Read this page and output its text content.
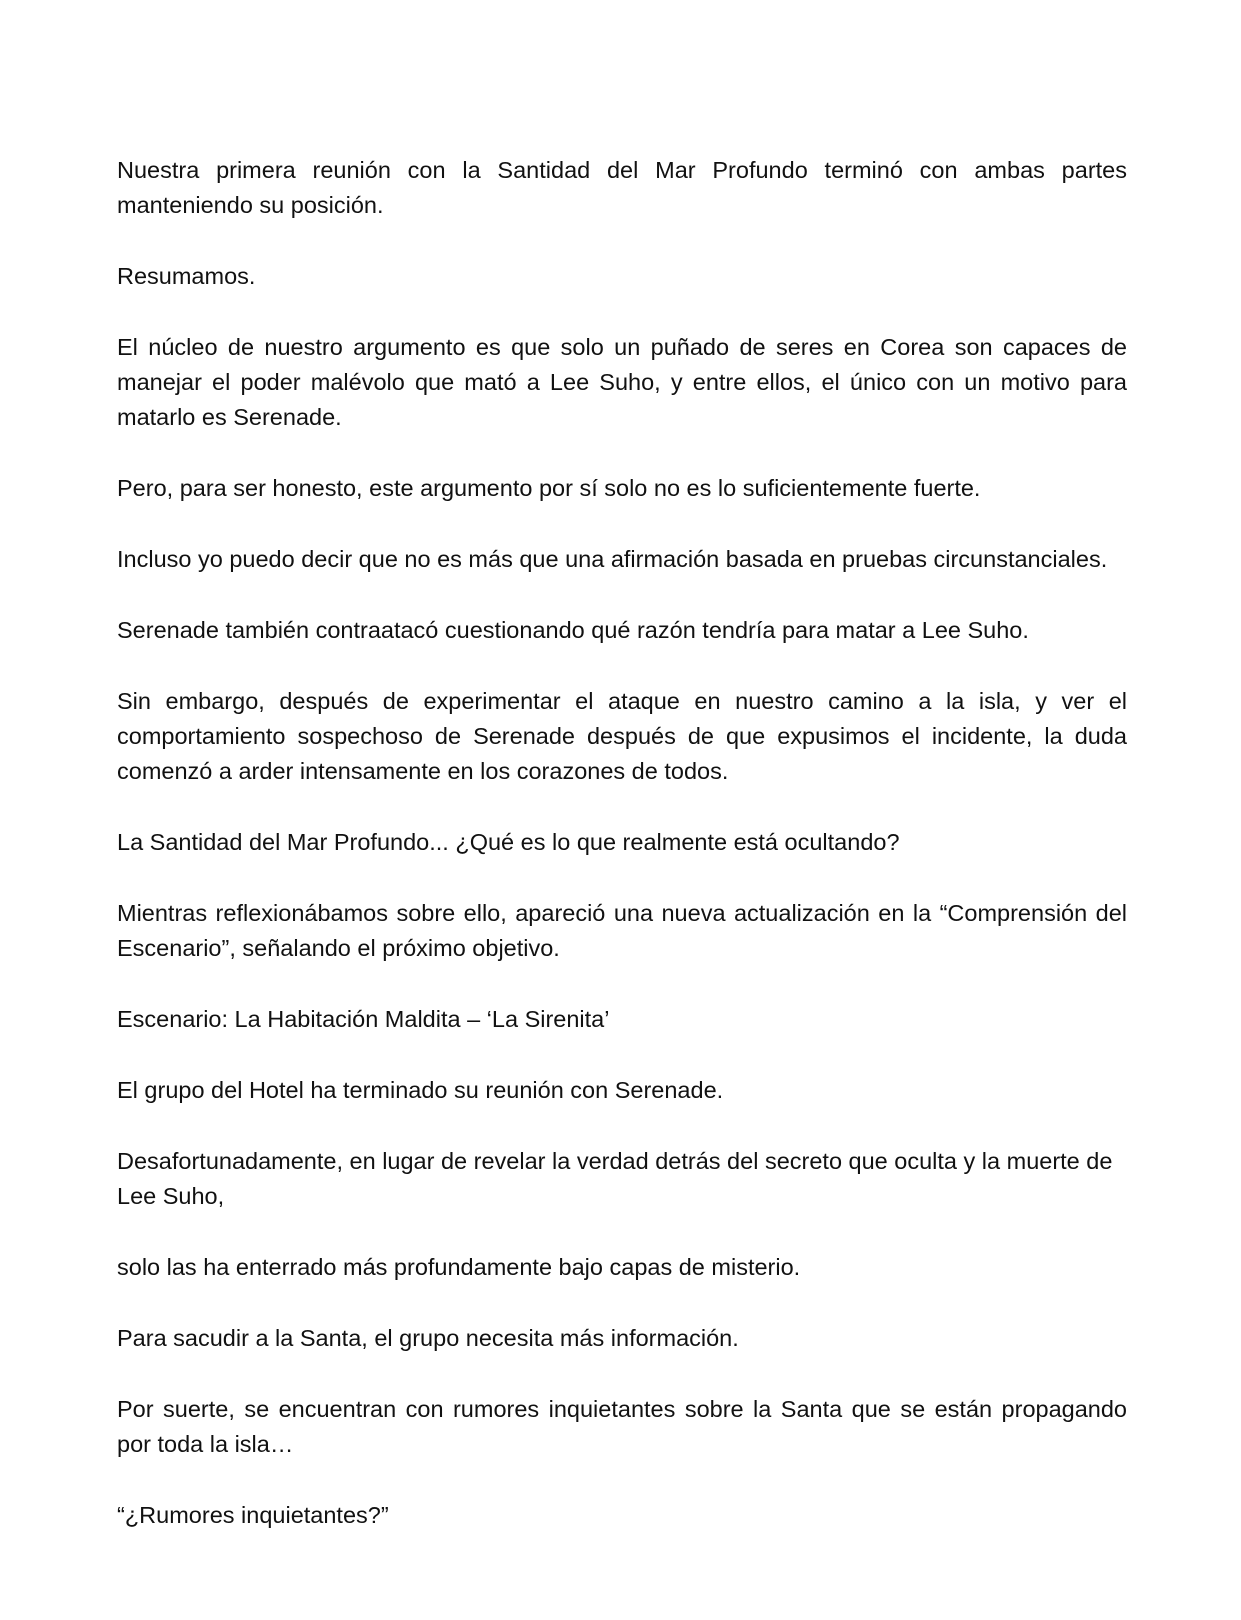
Nuestra primera reunión con la Santidad del Mar Profundo terminó con ambas partes manteniendo su posición.

Resumamos.

El núcleo de nuestro argumento es que solo un puñado de seres en Corea son capaces de manejar el poder malévolo que mató a Lee Suho, y entre ellos, el único con un motivo para matarlo es Serenade.

Pero, para ser honesto, este argumento por sí solo no es lo suficientemente fuerte.

Incluso yo puedo decir que no es más que una afirmación basada en pruebas circunstanciales.

Serenade también contraatacó cuestionando qué razón tendría para matar a Lee Suho.

Sin embargo, después de experimentar el ataque en nuestro camino a la isla, y ver el comportamiento sospechoso de Serenade después de que expusimos el incidente, la duda comenzó a arder intensamente en los corazones de todos.

La Santidad del Mar Profundo... ¿Qué es lo que realmente está ocultando?

Mientras reflexionábamos sobre ello, apareció una nueva actualización en la “Comprensión del Escenario”, señalando el próximo objetivo.

Escenario: La Habitación Maldita – ‘La Sirenita’

El grupo del Hotel ha terminado su reunión con Serenade.

Desafortunadamente, en lugar de revelar la verdad detrás del secreto que oculta y la muerte de Lee Suho,

solo las ha enterrado más profundamente bajo capas de misterio.

Para sacudir a la Santa, el grupo necesita más información.

Por suerte, se encuentran con rumores inquietantes sobre la Santa que se están propagando por toda la isla…

“¿Rumores inquietantes?”
